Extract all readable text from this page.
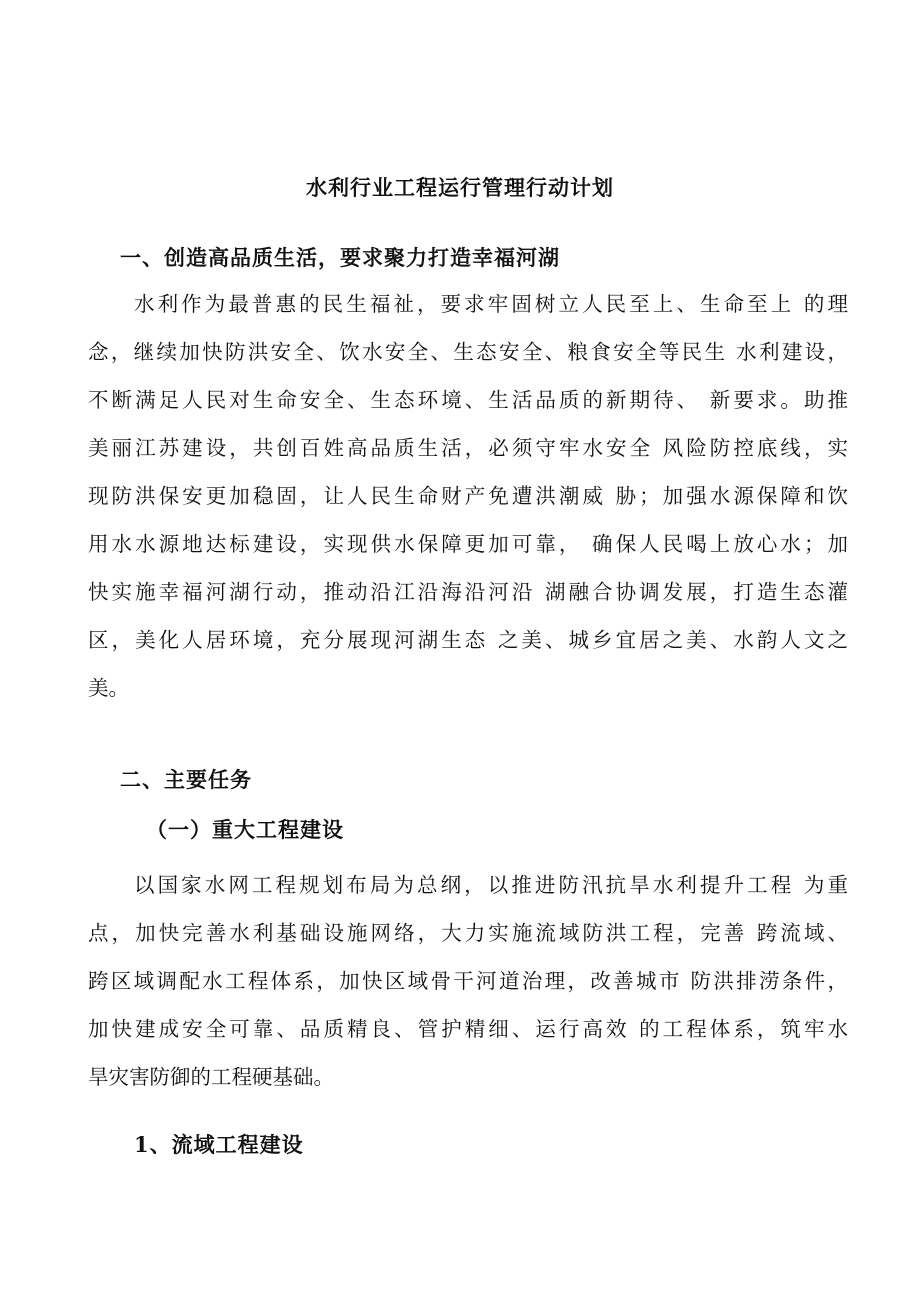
水利行业工程运行管理行动计划
一、创造高品质生活，要求聚力打造幸福河湖
水利作为最普惠的民生福祉，要求牢固树立人民至上、生命至上 的理
念，继续加快防洪安全、饮水安全、生态安全、粮食安全等民生 水利建设，
不断满足人民对生命安全、生态环境、生活品质的新期待、 新要求。助推
美丽江苏建设，共创百姓高品质生活，必须守牢水安全 风险防控底线，实
现防洪保安更加稳固，让人民生命财产免遭洪潮威 胁；加强水源保障和饮
用水水源地达标建设，实现供水保障更加可靠， 确保人民喝上放心水；加
快实施幸福河湖行动，推动沿江沿海沿河沿 湖融合协调发展，打造生态灌
区，美化人居环境，充分展现河湖生态 之美、城乡宜居之美、水韵人文之
美。
二、主要任务
（一）重大工程建设
以国家水网工程规划布局为总纲，以推进防汛抗旱水利提升工程 为重
点，加快完善水利基础设施网络，大力实施流域防洪工程，完善 跨流域、
跨区域调配水工程体系，加快区域骨干河道治理，改善城市 防洪排涝条件，
加快建成安全可靠、品质精良、管护精细、运行高效 的工程体系，筑牢水
旱灾害防御的工程硬基础。
1、流域工程建设
